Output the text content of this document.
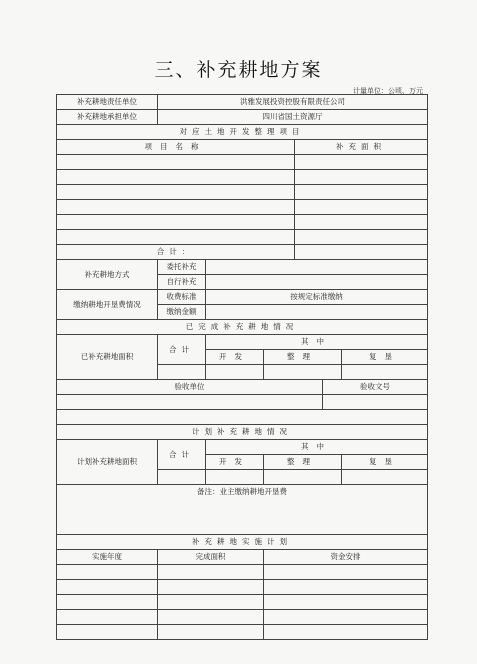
三、补充耕地方案
计量单位：公顷、万元
补充耕地责任单位	洪雅发展投资控股有限责任公司					
补充耕地承担单位	四川省国土资源厅					
对应土地开发整理项目						
项目名称				补充面积		

合计：						
补充耕地方式	委托补充					
	自行补充					
缴纳耕地开垦费情况	收费标准	按规定标准缴纳				
	缴纳金额					
已完成补充耕地情况						
已补充耕地面积	合计	其中				
		开发	整理			复垦

验收单位					验收文号	

计划补充耕地情况						
计划补充耕地面积	合计	其中				
		开发	整理			复垦

备注：业主缴纳耕地开垦费						
补充耕地实施计划						
实施年度	完成面积		资金安排			
